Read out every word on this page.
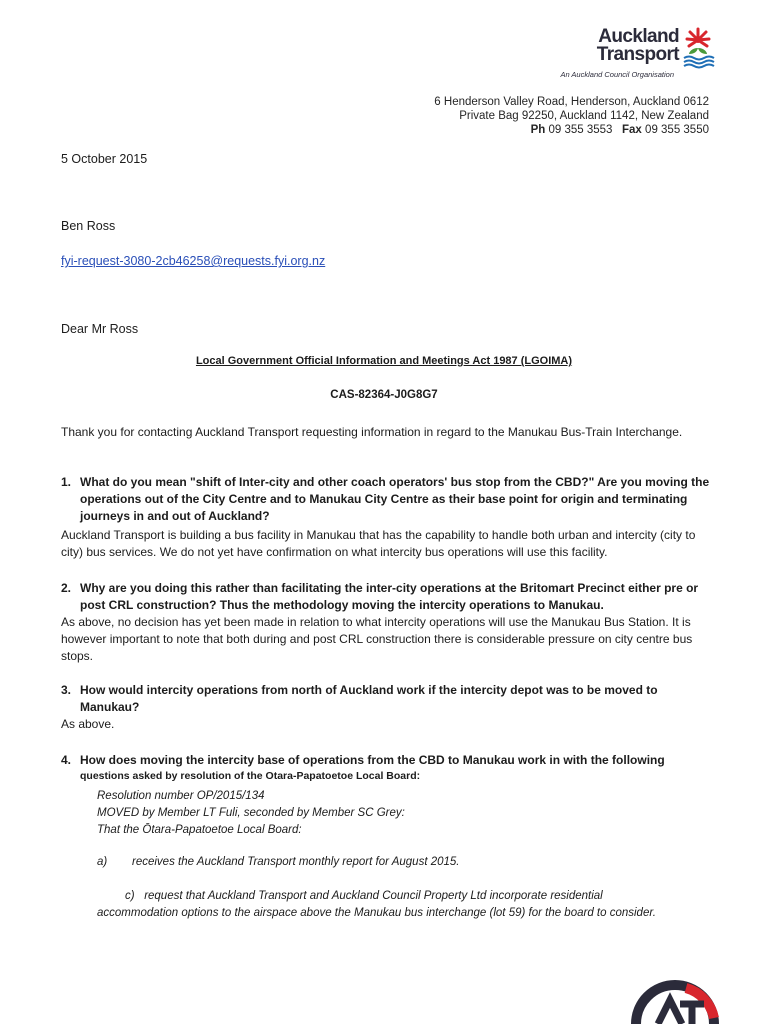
Auckland
Transport
An Auckland Council Organisation
6 Henderson Valley Road, Henderson, Auckland 0612
Private Bag 92250, Auckland 1142, New Zealand
Ph 09 355 3553 Fax 09 355 3550
5 October 2015
Ben Ross
fyi-request-3080-2cb46258@requests.fyi.org.nz
Dear Mr Ross
Local Government Official Information and Meetings Act 1987 (LGOIMA)
CAS-82364-J0G8G7
Thank you for contacting Auckland Transport requesting information in regard to the Manukau Bus-Train Interchange.
1. What do you mean "shift of Inter-city and other coach operators' bus stop from the CBD?" Are you moving the operations out of the City Centre and to Manukau City Centre as their base point for origin and terminating journeys in and out of Auckland?
Auckland Transport is building a bus facility in Manukau that has the capability to handle both urban and intercity (city to city) bus services. We do not yet have confirmation on what intercity bus operations will use this facility.
2. Why are you doing this rather than facilitating the inter-city operations at the Britomart Precinct either pre or post CRL construction? Thus the methodology moving the intercity operations to Manukau.
As above, no decision has yet been made in relation to what intercity operations will use the Manukau Bus Station. It is however important to note that both during and post CRL construction there is considerable pressure on city centre bus stops.
3. How would intercity operations from north of Auckland work if the intercity depot was to be moved to Manukau?
As above.
4. How does moving the intercity base of operations from the CBD to Manukau work in with the following
questions asked by resolution of the Otara-Papatoetoe Local Board:
Resolution number OP/2015/134
MOVED by Member LT Fuli, seconded by Member SC Grey:
That the Ōtara-Papatoetoe Local Board:
a) receives the Auckland Transport monthly report for August 2015.
c) request that Auckland Transport and Auckland Council Property Ltd incorporate residential accommodation options to the airspace above the Manukau bus interchange (lot 59) for the board to consider.
